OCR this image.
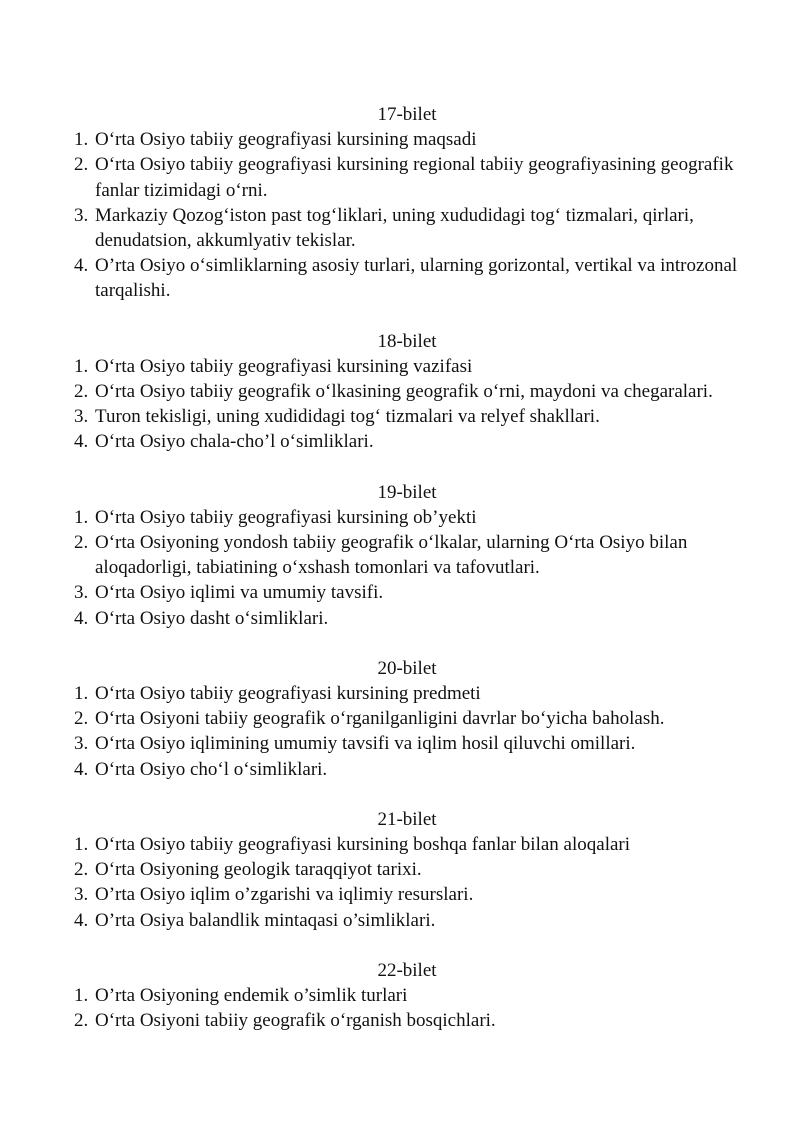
17-bilet
1. O‘rta Osiyo tabiiy geografiyasi kursining maqsadi
2. O‘rta Osiyo tabiiy geografiyasi kursining regional tabiiy geografiyasining geografik fanlar tizimidagi o‘rni.
3. Markaziy Qozog‘iston past tog‘liklari, uning xududidagi tog‘ tizmalari, qirlari, denudatsion, akkumlyativ tekislar.
4. O’rta Osiyo o‘simliklarning asosiy turlari, ularning gorizontal, vertikal va introzonal tarqalishi.
18-bilet
1. O‘rta Osiyo tabiiy geografiyasi kursining vazifasi
2. O‘rta Osiyo tabiiy geografik o‘lkasining geografik o‘rni, maydoni va chegaralari.
3. Turon tekisligi, uning xudididagi tog‘ tizmalari va relyef shakllari.
4. O‘rta Osiyo chala-cho’l o‘simliklari.
19-bilet
1. O‘rta Osiyo tabiiy geografiyasi kursining ob’yekti
2. O‘rta Osiyoning yondosh tabiiy geografik o‘lkalar, ularning O‘rta Osiyo bilan aloqadorligi, tabiatining o‘xshash tomonlari va tafovutlari.
3. O‘rta Osiyo iqlimi va umumiy tavsifi.
4. O‘rta Osiyo dasht o‘simliklari.
20-bilet
1. O‘rta Osiyo tabiiy geografiyasi kursining predmeti
2. O‘rta Osiyoni tabiiy geografik o‘rganilganligini davrlar bo‘yicha baholash.
3. O‘rta Osiyo iqlimining umumiy tavsifi va iqlim hosil qiluvchi omillari.
4. O‘rta Osiyo cho‘l o‘simliklari.
21-bilet
1. O‘rta Osiyo tabiiy geografiyasi kursining boshqa fanlar bilan aloqalari
2. O‘rta Osiyoning geologik taraqqiyot tarixi.
3. O’rta Osiyo iqlim o’zgarishi va iqlimiy resurslari.
4. O’rta Osiya balandlik mintaqasi o’simliklari.
22-bilet
1. O’rta Osiyoning endemik o’simlik turlari
2. O‘rta Osiyoni tabiiy geografik o‘rganish bosqichlari.
